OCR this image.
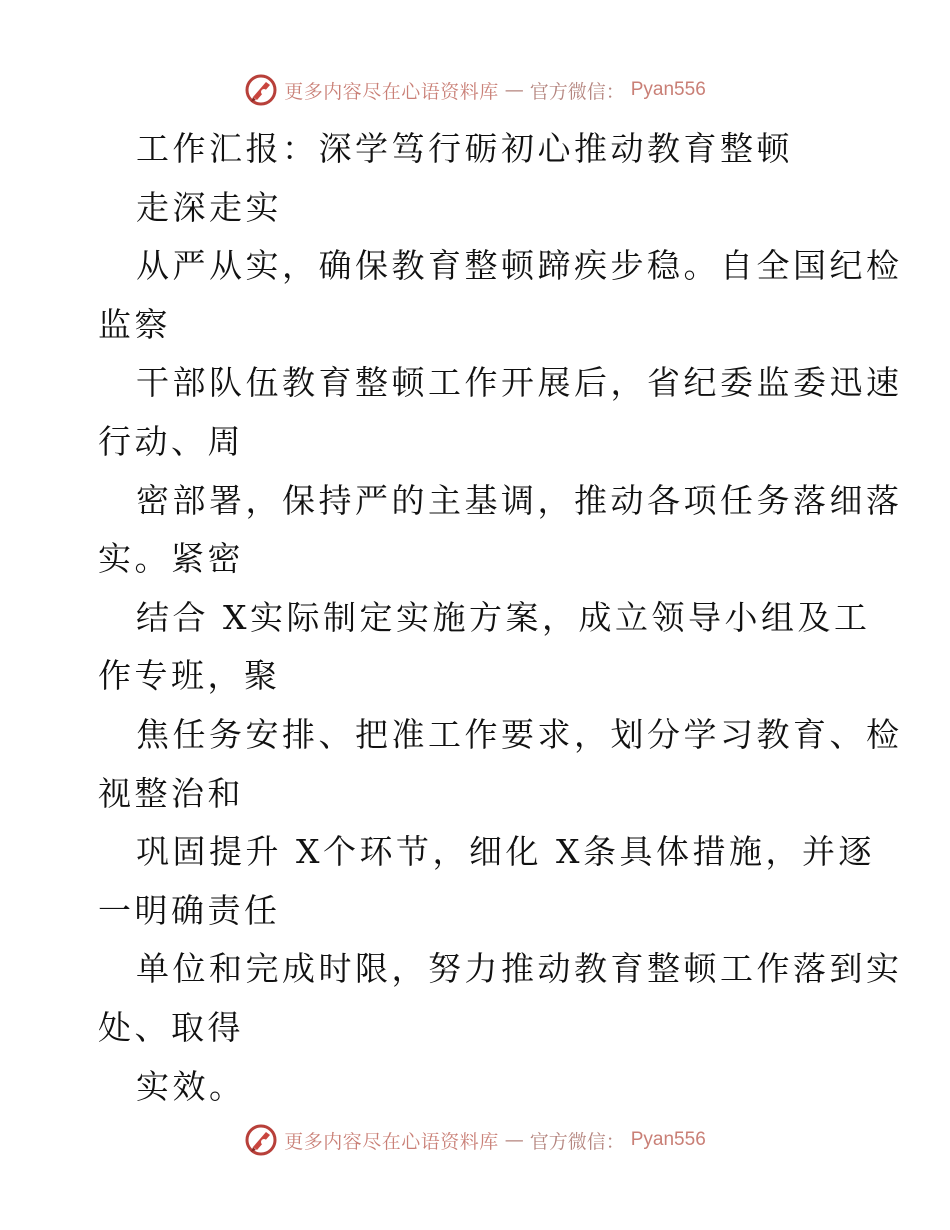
更多内容尽在心语资料库 — 官方微信： Pyan556
工作汇报：深学笃行砺初心推动教育整顿
走深走实
从严从实，确保教育整顿蹄疾步稳。自全国纪检
监察
干部队伍教育整顿工作开展后，省纪委监委迅速
行动、周
密部署，保持严的主基调，推动各项任务落细落
实。紧密
结合 X实际制定实施方案，成立领导小组及工
作专班，聚
焦任务安排、把准工作要求，划分学习教育、检
视整治和
巩固提升 X个环节，细化 X条具体措施，并逐
一明确责任
单位和完成时限，努力推动教育整顿工作落到实
处、取得
实效。
更多内容尽在心语资料库 — 官方微信： Pyan556
